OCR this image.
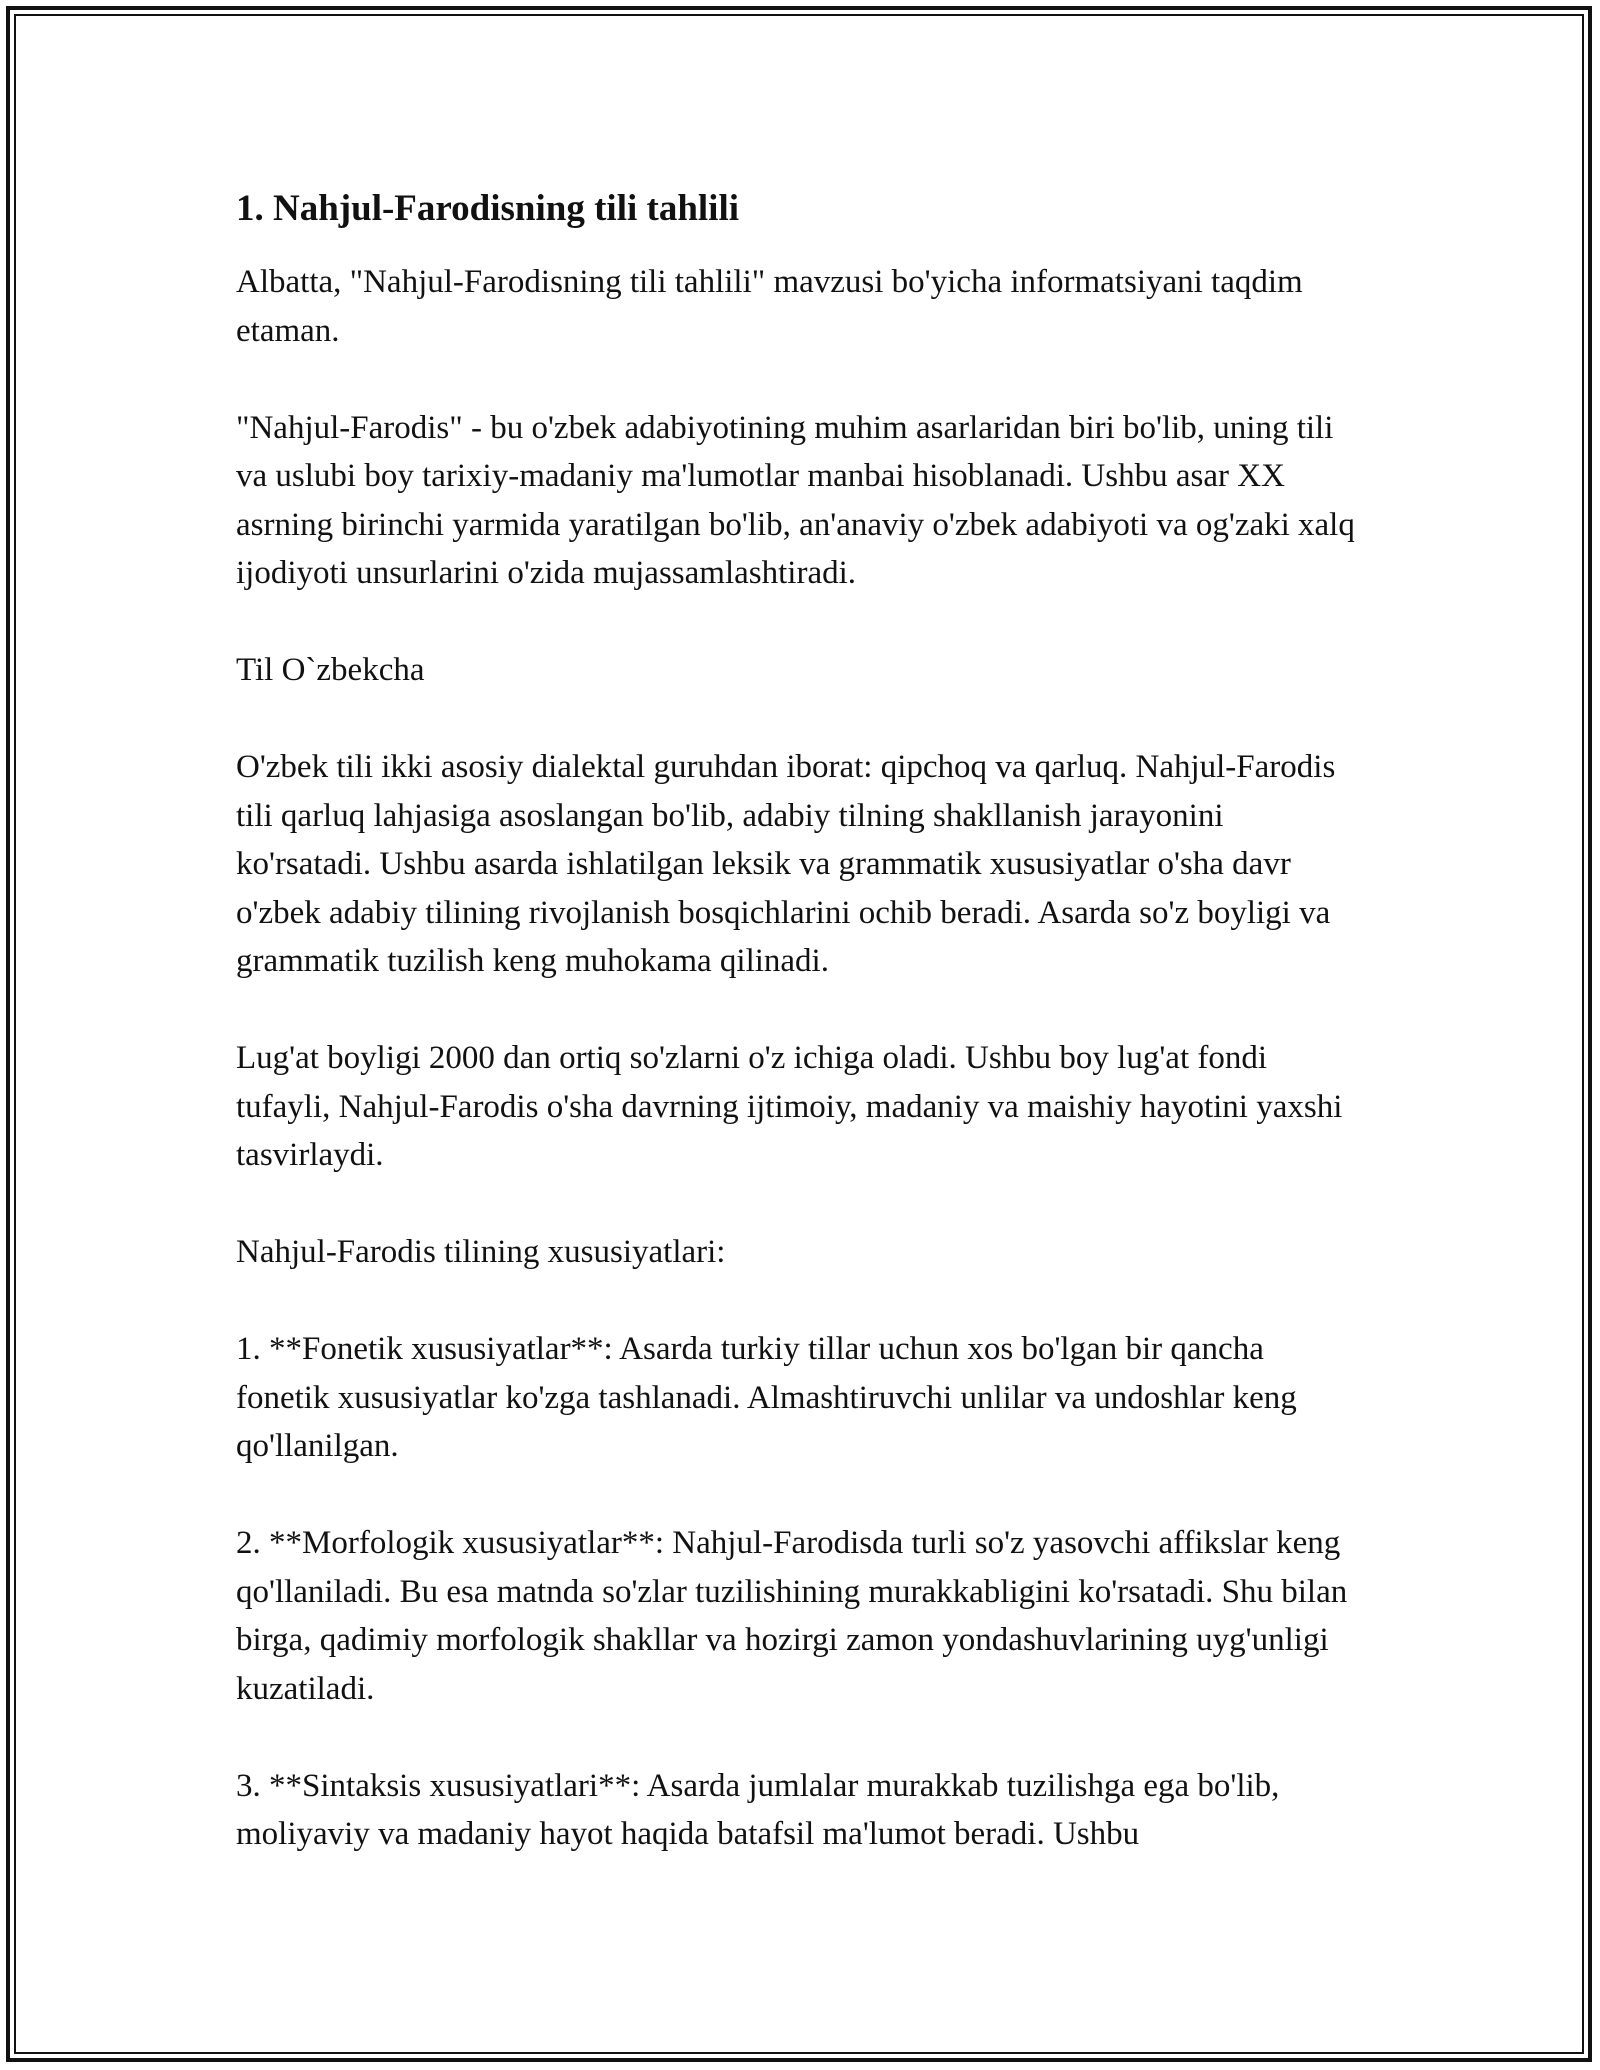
1. Nahjul-Farodisning tili tahlili

Albatta, "Nahjul-Farodisning tili tahlili" mavzusi bo'yicha informatsiyani taqdim etaman.

"Nahjul-Farodis" - bu o'zbek adabiyotining muhim asarlaridan biri bo'lib, uning tili va uslubi boy tarixiy-madaniy ma'lumotlar manbai hisoblanadi. Ushbu asar XX asrning birinchi yarmida yaratilgan bo'lib, an'anaviy o'zbek adabiyoti va og'zaki xalq ijodiyoti unsurlarini o'zida mujassamlashtiradi.

Til O`zbekcha

O'zbek tili ikki asosiy dialektal guruhdan iborat: qipchoq va qarluq. Nahjul-Farodis tili qarluq lahjasiga asoslangan bo'lib, adabiy tilning shakllanish jarayonini ko'rsatadi. Ushbu asarda ishlatilgan leksik va grammatik xususiyatlar o'sha davr o'zbek adabiy tilining rivojlanish bosqichlarini ochib beradi. Asarda so'z boyligi va grammatik tuzilish keng muhokama qilinadi.

Lug'at boyligi 2000 dan ortiq so'zlarni o'z ichiga oladi. Ushbu boy lug'at fondi tufayli, Nahjul-Farodis o'sha davrning ijtimoiy, madaniy va maishiy hayotini yaxshi tasvirlaydi.

Nahjul-Farodis tilining xususiyatlari:

1. **Fonetik xususiyatlar**: Asarda turkiy tillar uchun xos bo'lgan bir qancha fonetik xususiyatlar ko'zga tashlanadi. Almashtiruvchi unlilar va undoshlar keng qo'llanilgan.

2. **Morfologik xususiyatlar**: Nahjul-Farodisda turli so'z yasovchi affikslar keng qo'llaniladi. Bu esa matnda so'zlar tuzilishining murakkabligini ko'rsatadi. Shu bilan birga, qadimiy morfologik shakllar va hozirgi zamon yondashuvlarining uyg'unligi kuzatiladi.

3. **Sintaksis xususiyatlari**: Asarda jumlalar murakkab tuzilishga ega bo'lib, moliyaviy va madaniy hayot haqida batafsil ma'lumot beradi. Ushbu
